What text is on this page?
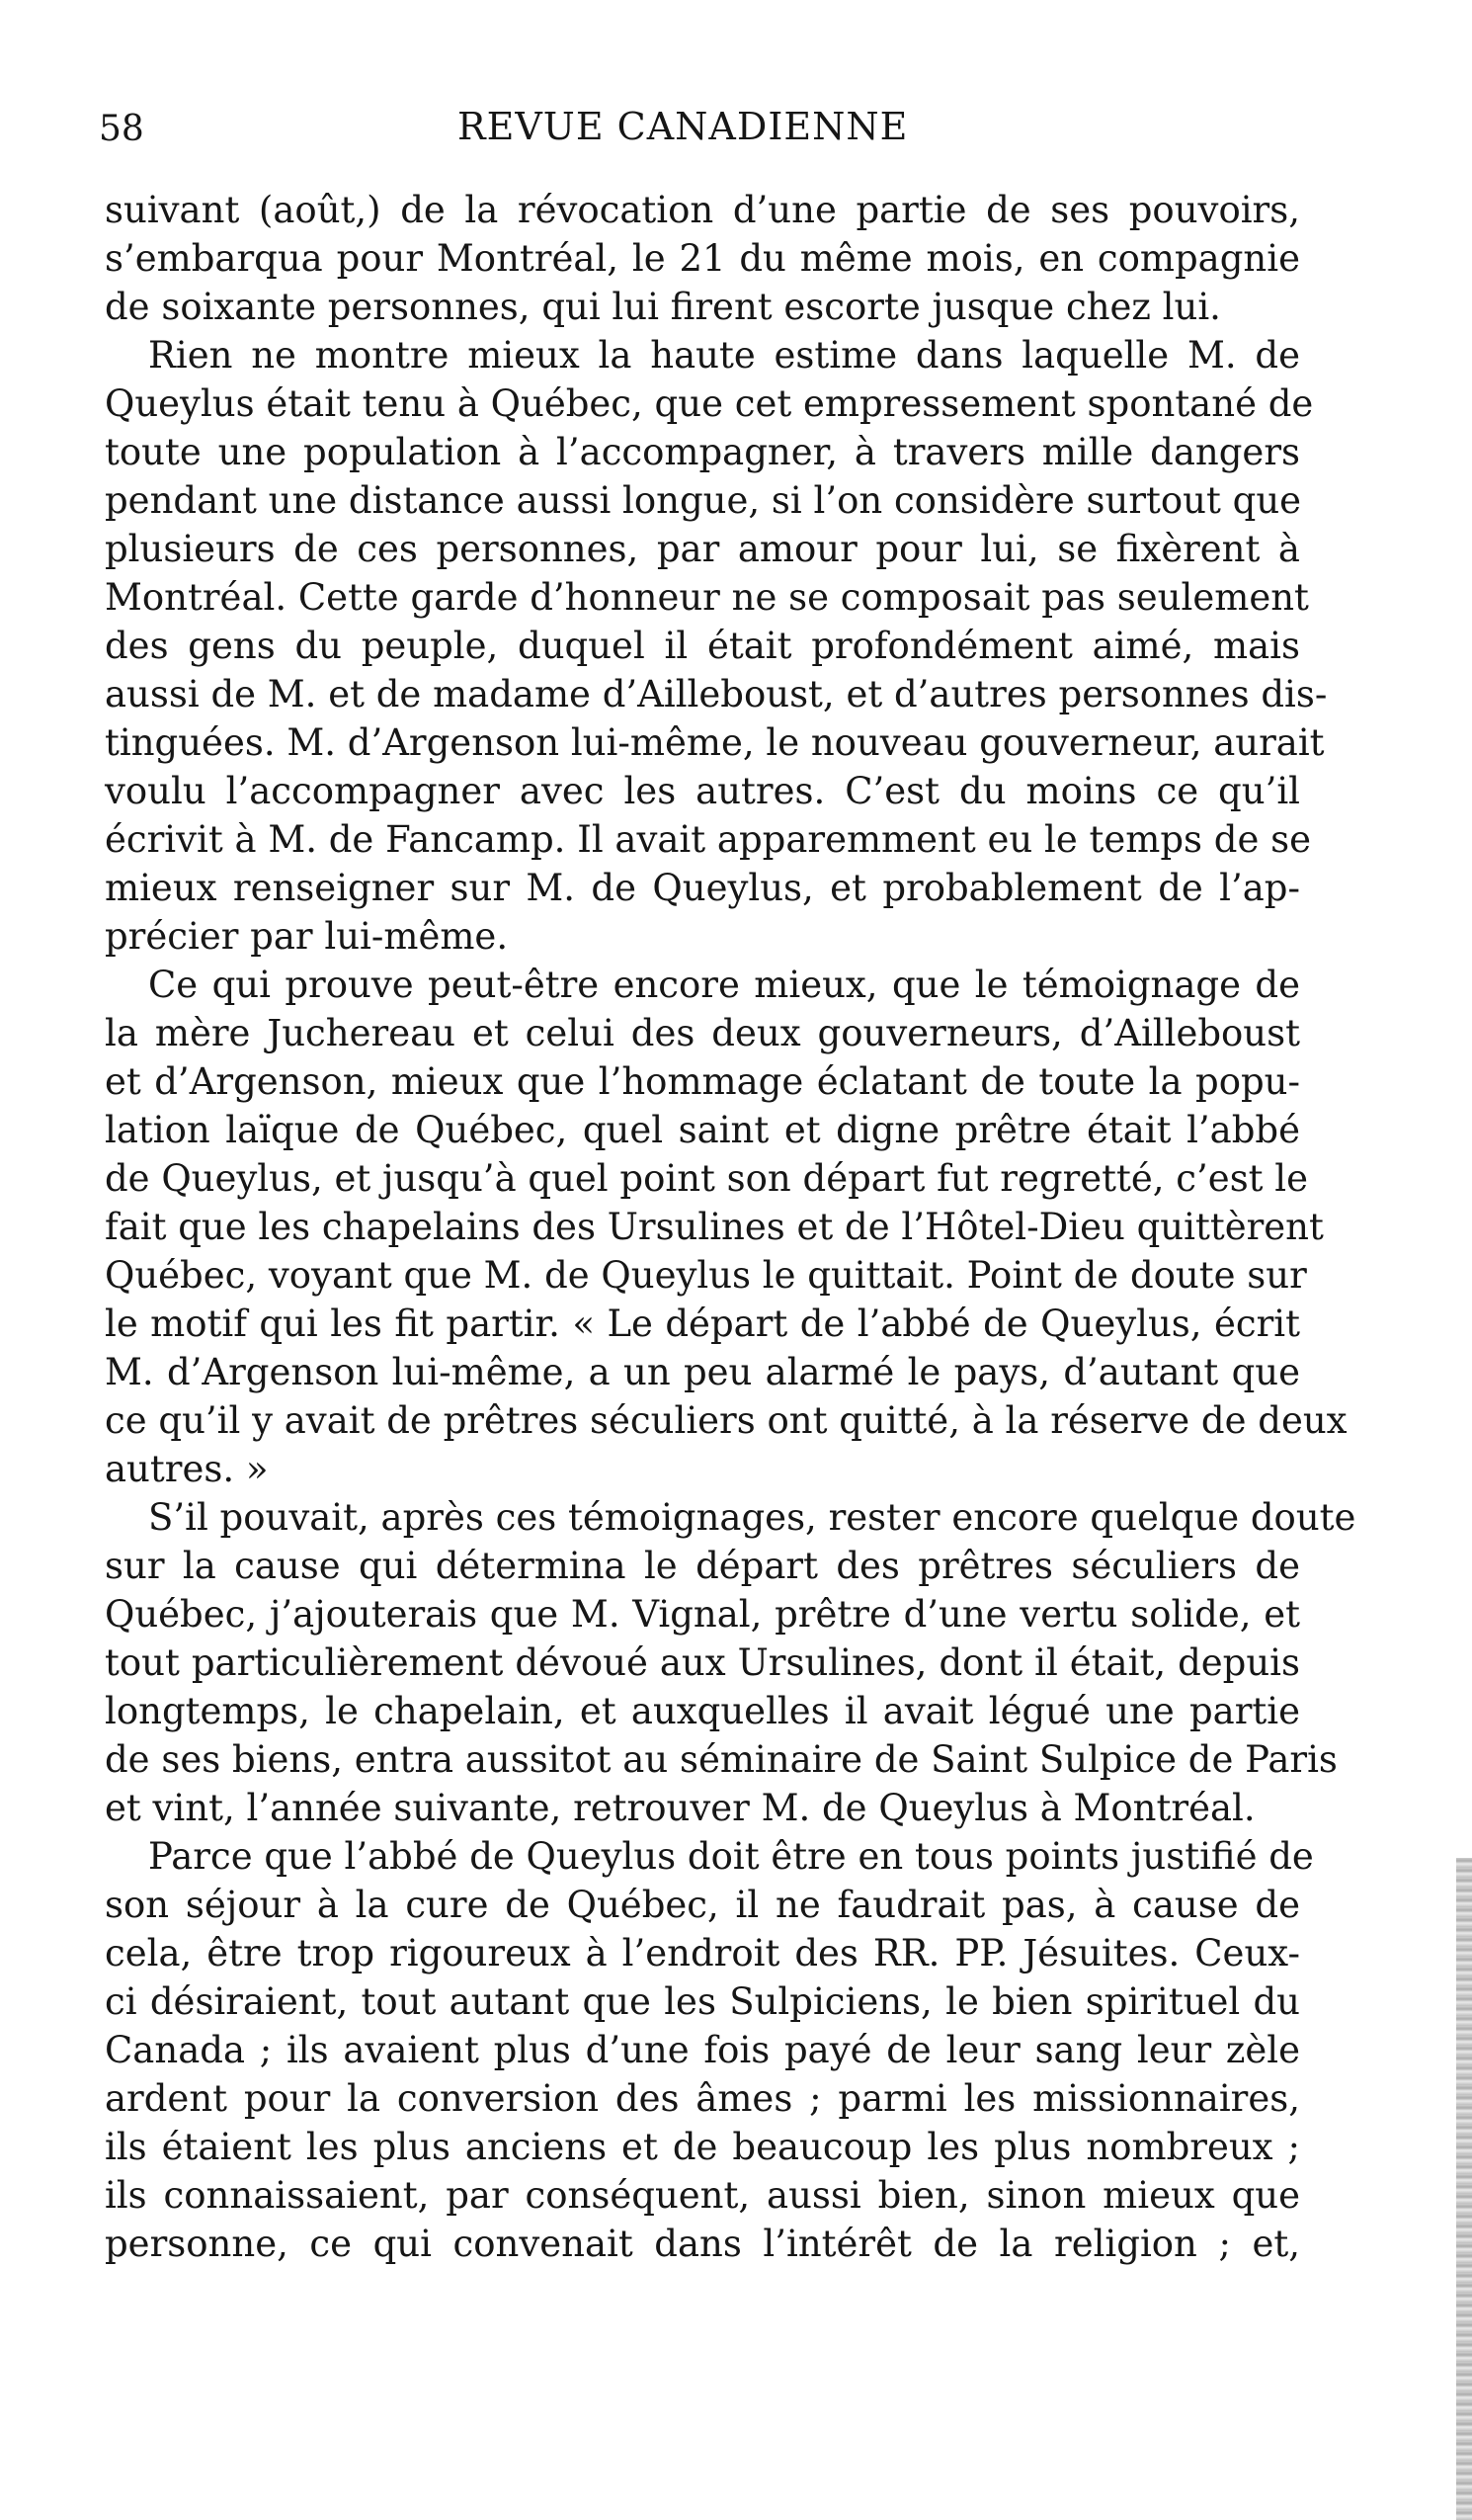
58	REVUE CANADIENNE
suivant (août,) de la révocation d’une partie de ses pouvoirs,
s’embarqua pour Montréal, le 21 du même mois, en compagnie
de soixante personnes, qui lui firent escorte jusque chez lui.
Rien ne montre mieux la haute estime dans laquelle M. de
Queylus était tenu à Québec, que cet empressement spontané de
toute une population à l’accompagner, à travers mille dangers
pendant une distance aussi longue, si l’on considère surtout que
plusieurs de ces personnes, par amour pour lui, se fixèrent à
Montréal. Cette garde d’honneur ne se composait pas seulement
des gens du peuple, duquel il était profondément aimé, mais
aussi de M. et de madame d’Ailleboust, et d’autres personnes dis-
tinguées. M. d’Argenson lui-même, le nouveau gouverneur, aurait
voulu l’accompagner avec les autres. C’est du moins ce qu’il
écrivit à M. de Fancamp. Il avait apparemment eu le temps de se
mieux renseigner sur M. de Queylus, et probablement de l’ap-
précier par lui-même.
Ce qui prouve peut-être encore mieux, que le témoignage de
la mère Juchereau et celui des deux gouverneurs, d’Ailleboust
et d’Argenson, mieux que l’hommage éclatant de toute la popu-
lation laïque de Québec, quel saint et digne prêtre était l’abbé
de Queylus, et jusqu’à quel point son départ fut regretté, c’est le
fait que les chapelains des Ursulines et de l’Hôtel-Dieu quittèrent
Québec, voyant que M. de Queylus le quittait. Point de doute sur
le motif qui les fit partir. « Le départ de l’abbé de Queylus, écrit
M. d’Argenson lui-même, a un peu alarmé le pays, d’autant que
ce qu’il y avait de prêtres séculiers ont quitté, à la réserve de deux
autres. »
S’il pouvait, après ces témoignages, rester encore quelque doute
sur la cause qui détermina le départ des prêtres séculiers de
Québec, j’ajouterais que M. Vignal, prêtre d’une vertu solide, et
tout particulièrement dévoué aux Ursulines, dont il était, depuis
longtemps, le chapelain, et auxquelles il avait légué une partie
de ses biens, entra aussitot au séminaire de Saint Sulpice de Paris
et vint, l’année suivante, retrouver M. de Queylus à Montréal.
Parce que l’abbé de Queylus doit être en tous points justifié de
son séjour à la cure de Québec, il ne faudrait pas, à cause de
cela, être trop rigoureux à l’endroit des RR. PP. Jésuites. Ceux-
ci désiraient, tout autant que les Sulpiciens, le bien spirituel du
Canada ; ils avaient plus d’une fois payé de leur sang leur zèle
ardent pour la conversion des âmes ; parmi les missionnaires,
ils étaient les plus anciens et de beaucoup les plus nombreux ;
ils connaissaient, par conséquent, aussi bien, sinon mieux que
personne, ce qui convenait dans l’intérêt de la religion ; et,
